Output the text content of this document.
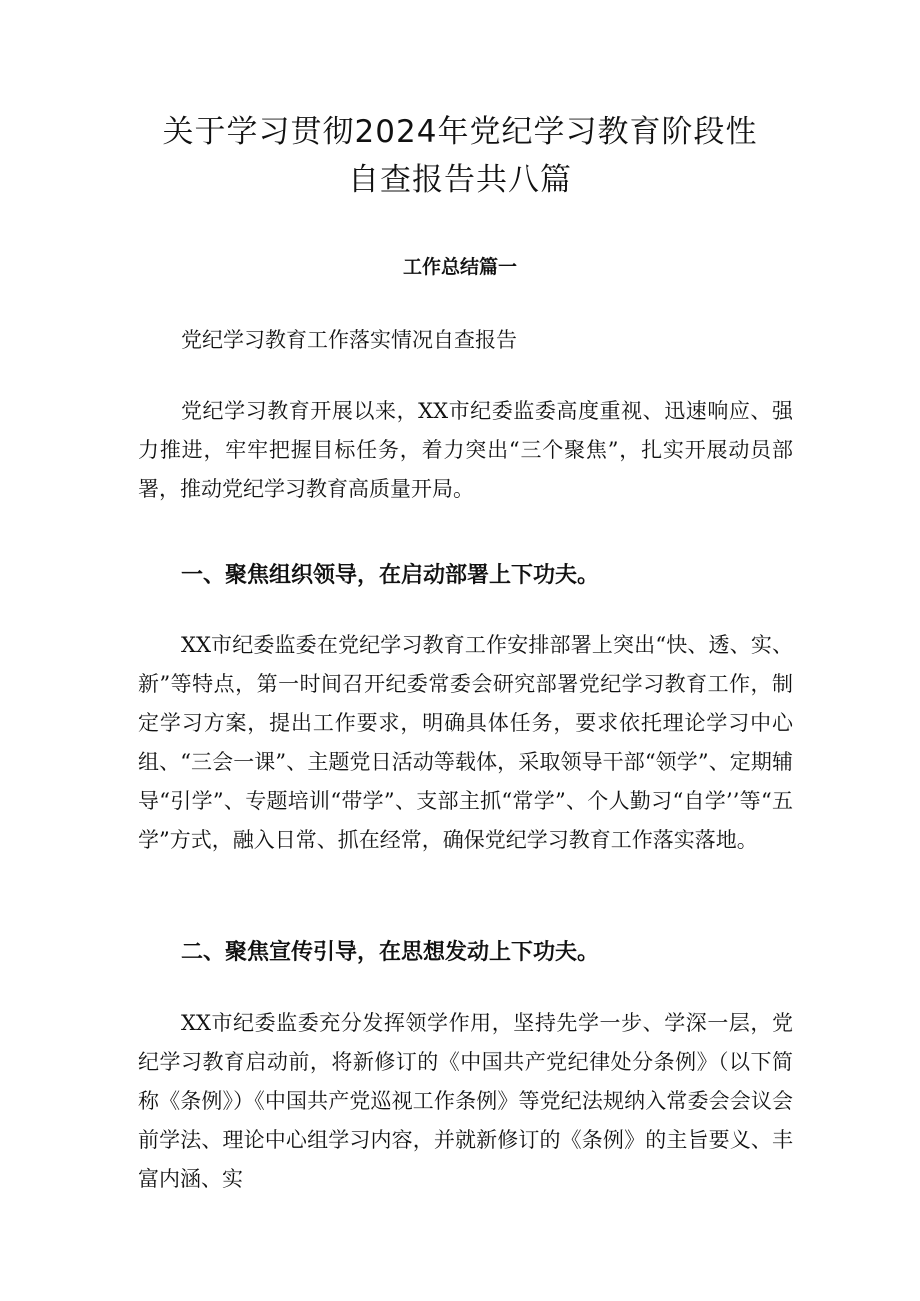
关于学习贯彻2024年党纪学习教育阶段性
自查报告共八篇
工作总结篇一

党纪学习教育工作落实情况自查报告

党纪学习教育开展以来，XX市纪委监委高度重视、迅速响应、强力推进，牢牢把握目标任务，着力突出“三个聚焦”，扎实开展动员部署，推动党纪学习教育高质量开局。

一、聚焦组织领导，在启动部署上下功夫。

XX市纪委监委在党纪学习教育工作安排部署上突出“快、透、实、新”等特点，第一时间召开纪委常委会研究部署党纪学习教育工作，制定学习方案，提出工作要求，明确具体任务，要求依托理论学习中心组、“三会一课”、主题党日活动等载体，采取领导干部“领学”、定期辅导“引学”、专题培训“带学”、支部主抓“常学”、个人勤习“自学’’等“五学”方式，融入日常、抓在经常，确保党纪学习教育工作落实落地。

二、聚焦宣传引导，在思想发动上下功夫。

XX市纪委监委充分发挥领学作用，坚持先学一步、学深一层，党纪学习教育启动前，将新修订的《中国共产党纪律处分条例》（以下简称《条例》）《中国共产党巡视工作条例》等党纪法规纳入常委会会议会前学法、理论中心组学习内容，并就新修订的《条例》的主旨要义、丰富内涵、实
